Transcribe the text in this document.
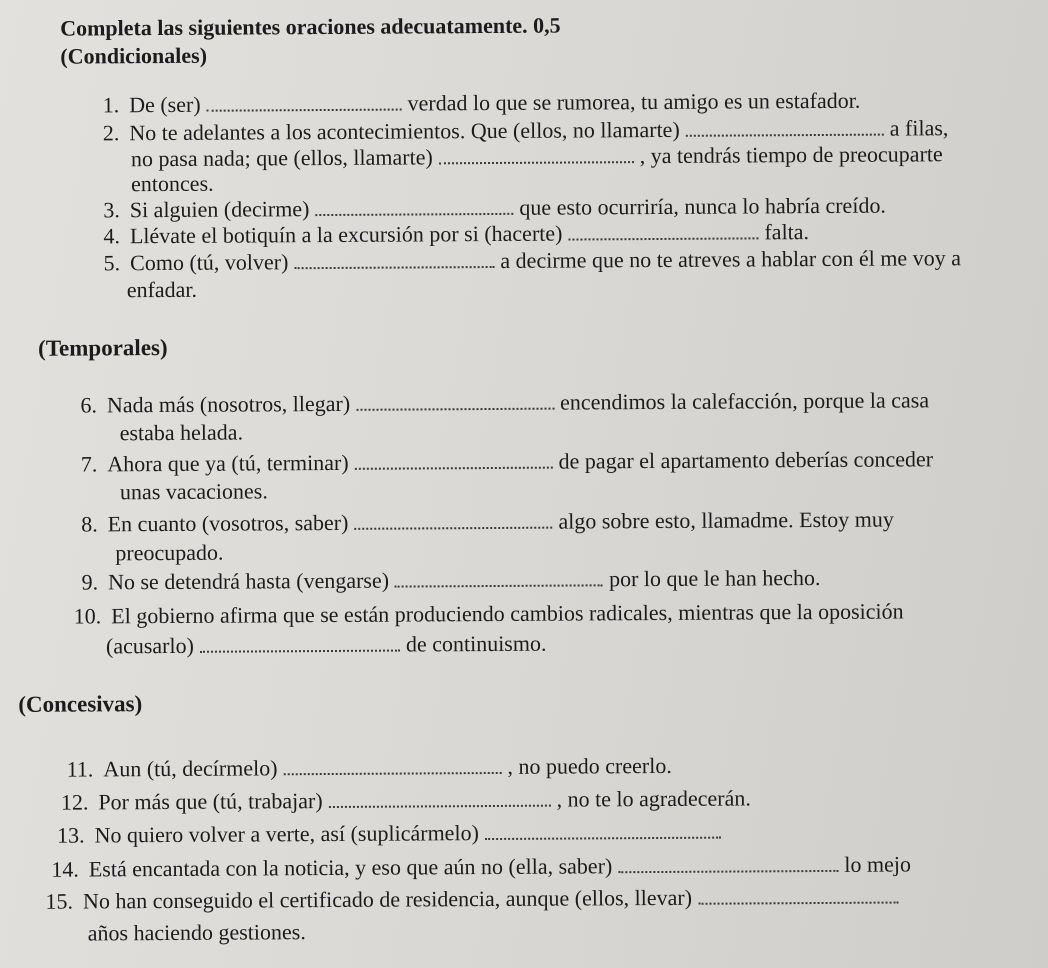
Completa las siguientes oraciones adecuatamente. 0,5
(Condicionales)
1. De (ser)	verdad lo que se rumorea, tu amigo es un estafador.
2. No te adelantes a los acontecimientos. Que (ellos, no llamarte)	a filas,
no pasa nada; que (ellos, llamarte)	, ya tendrás tiempo de preocuparte
entonces.
3. Si alguien (decirme)	que esto ocurriría, nunca lo habría creído.
4. Llévate el botiquín a la excursión por si (hacerte)	falta.
5. Como (tú, volver)	a decirme que no te atreves a hablar con él me voy a
enfadar.
(Temporales)
6. Nada más (nosotros, llegar)	encendimos la calefacción, porque la casa
estaba helada.
7. Ahora que ya (tú, terminar)	de pagar el apartamento deberías conceder
unas vacaciones.
8. En cuanto (vosotros, saber)	algo sobre esto, llamadme. Estoy muy
preocupado.
9. No se detendrá hasta (vengarse)	por lo que le han hecho.
10. El gobierno afirma que se están produciendo cambios radicales, mientras que la oposición
(acusarlo)	de continuismo.
(Concesivas)
11. Aun (tú, decírmelo)	, no puedo creerlo.
12. Por más que (tú, trabajar)	, no te lo agradecerán.
13. No quiero volver a verte, así (suplicármelo)
14. Está encantada con la noticia, y eso que aún no (ella, saber)	lo mejo
15. No han conseguido el certificado de residencia, aunque (ellos, llevar)
años haciendo gestiones.
